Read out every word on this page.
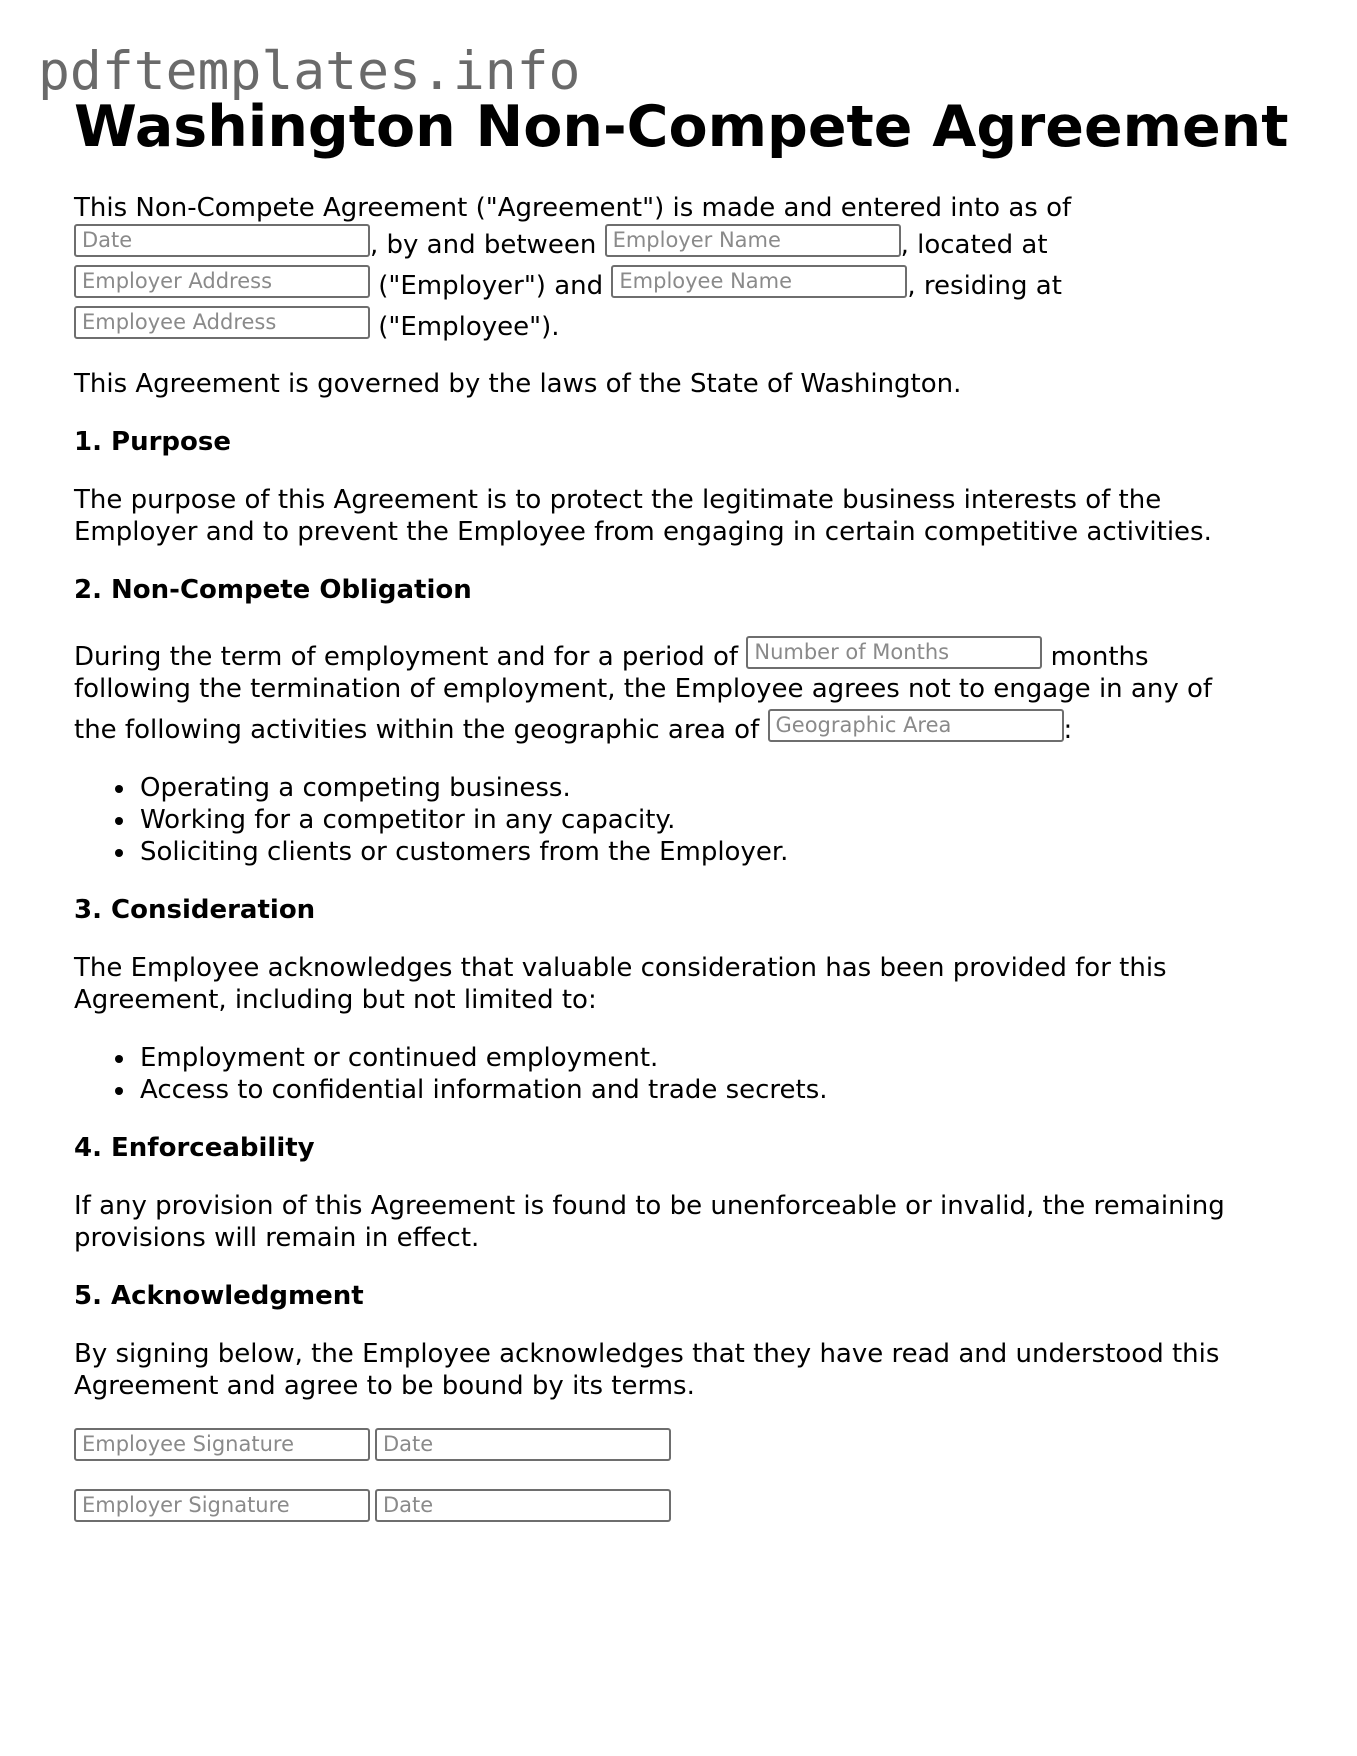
pdftemplates.info
Washington Non-Compete Agreement
This Non-Compete Agreement ("Agreement") is made and entered into as of
Date	, by and between Employer Name	, located at
Employer Address	("Employer") and Employee Name	, residing at
Employee Address	("Employee").

This Agreement is governed by the laws of the State of Washington.

1. Purpose

The purpose of this Agreement is to protect the legitimate business interests of the
Employer and to prevent the Employee from engaging in certain competitive activities.

2. Non-Compete Obligation

During the term of employment and for a period of Number of Months	months
following the termination of employment, the Employee agrees not to engage in any of
the following activities within the geographic area of Geographic Area	:
Operating a competing business.
Working for a competitor in any capacity.
Soliciting clients or customers from the Employer.

3. Consideration

The Employee acknowledges that valuable consideration has been provided for this
Agreement, including but not limited to:
Employment or continued employment.
Access to confidential information and trade secrets.

4. Enforceability

If any provision of this Agreement is found to be unenforceable or invalid, the remaining
provisions will remain in effect.

5. Acknowledgment

By signing below, the Employee acknowledges that they have read and understood this
Agreement and agree to be bound by its terms.
Employee Signature	Date
Employer Signature	Date
